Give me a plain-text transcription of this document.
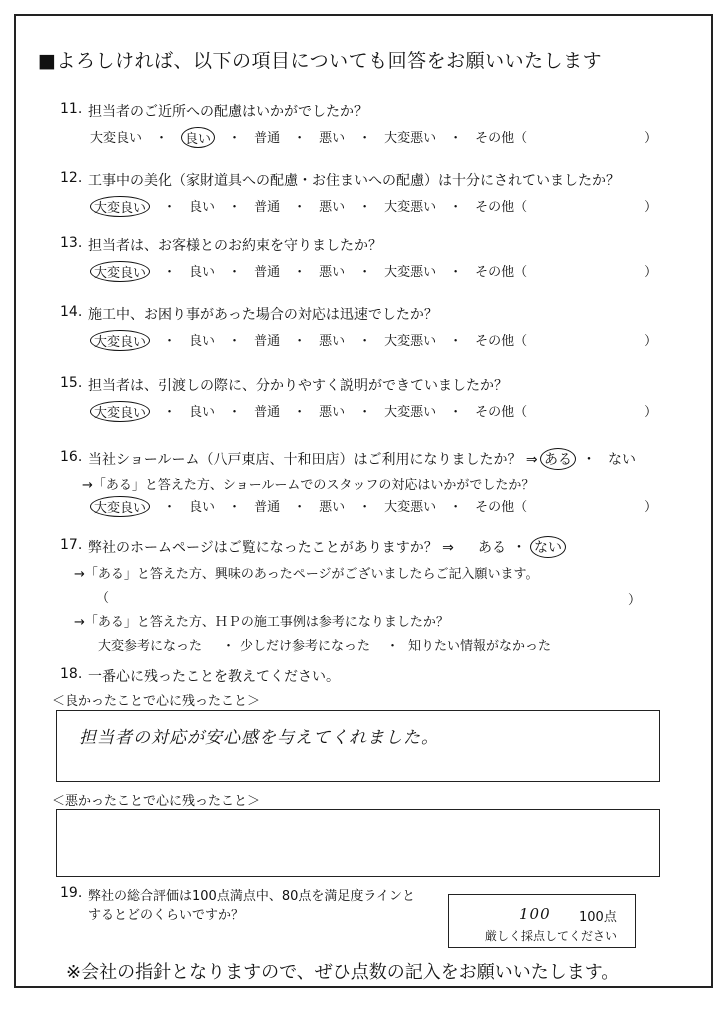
■よろしければ、以下の項目についても回答をお願いいたします
11. 担当者のご近所への配慮はいかがでしたか？
大変良い 　・　 良い 　・　 普通 　・　 悪い 　・　 大変悪い 　・　 その他（　　　　　　　　　）
12. 工事中の美化（家財道具への配慮・お住まいへの配慮）は十分にされていましたか？
大変良い 　・　 良い 　・　 普通 　・　 悪い 　・　 大変悪い 　・　 その他（　　　　　　　　　）
13. 担当者は、お客様とのお約束を守りましたか？
大変良い 　・　 良い 　・　 普通 　・　 悪い 　・　 大変悪い 　・　 その他（　　　　　　　　　）
14. 施工中、お困り事があった場合の対応は迅速でしたか？
大変良い 　・　 良い 　・　 普通 　・　 悪い 　・　 大変悪い 　・　 その他（　　　　　　　　　）
15. 担当者は、引渡しの際に、分かりやすく説明ができていましたか？
大変良い 　・　 良い 　・　 普通 　・　 悪い 　・　 大変悪い 　・　 その他（　　　　　　　　　）
16. 当社ショールーム（八戸東店、十和田店）はご利用になりましたか？ ⇒ ある ・ ない
→「ある」と答えた方、ショールームでのスタッフの対応はいかがでしたか？
大変良い 　・　 良い 　・　 普通 　・　 悪い 　・　 大変悪い 　・　 その他（　　　　　　　　　）
17. 弊社のホームページはご覧になったことがありますか？ ⇒ ある ・ ない
→「ある」と答えた方、興味のあったページがございましたらご記入願います。
（	）
→「ある」と答えた方、ＨＰの施工事例は参考になりましたか？
大変参考になった ・ 少しだけ参考になった ・ 知りたい情報がなかった
18. 一番心に残ったことを教えてください。
＜良かったことで心に残ったこと＞
担当者の対応が安心感を与えてくれました。
＜悪かったことで心に残ったこと＞
19. 弊社の総合評価は100点満点中、80点を満足度ラインと
するとどのくらいですか？	100 100点
厳しく採点してください
※会社の指針となりますので、ぜひ点数の記入をお願いいたします。
